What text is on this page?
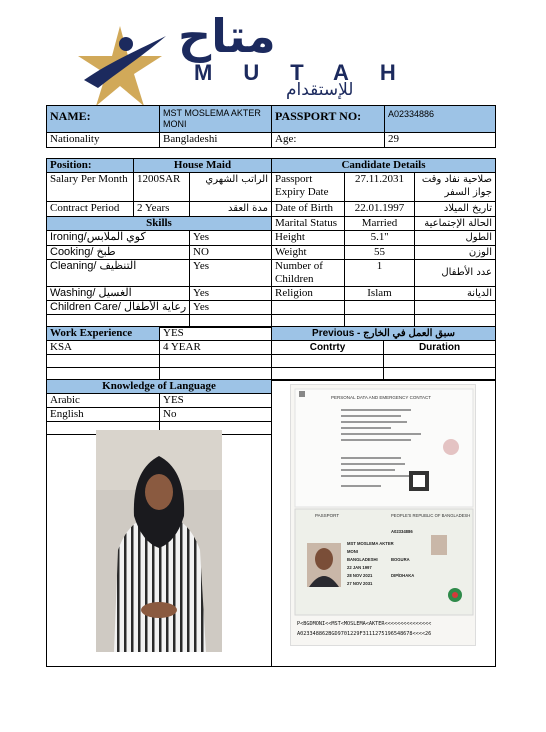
متاح
MUTAH
للإستقدام
NAME:	MST MOSLEMA AKTER MONI	PASSPORT NO:	A02334886
Nationality	Bangladeshi	Age:	29
Position:	House Maid		Candidate Details		
Salary Per Month	1200SAR	الراتب الشهري	Passport Expiry Date	27.11.2031	صلاحية نفاد وقت جواز السفر
Contract Period	2 Years	مدة العقد	Date of Birth	22.01.1997	تاريخ الميلاد
Skills			Marital Status	Married	الحالة الإجتماعية
Ironing/كوي الملابس		Yes	Height	5.1''	الطول
Cooking/ طبخ		NO	Weight	55	الوزن
Cleaning/ التنظيف		Yes	Number of Children	1	عدد الأطفال
Washing/ الغسيل		Yes	Religion	Islam	الديانة
Children Care/ رعاية الأطفال		Yes			

Work Experience	YES	Previous - سبق العمل في الخارج	
KSA	4 YEAR	Contrty	Duration

Knowledge of Language		
Arabic	YES	
English	No	

PERSONAL DATA AND EMERGENCY CONTACT
PASSPORT	PEOPLE'S REPUBLIC OF BANGLADESH
MST MOSLEMA AKTER
MONI
BANGLADESHI
22 JAN 1997
28 NOV 2021
27 NOV 2031
BOGURA
DIP/DHAKA
A02334886
P<BGDMONI<<MST<MOSLEMA<AKTER<<<<<<<<<<<<<<<
A023348862BGD9701229F3111275196548678<<<<26
